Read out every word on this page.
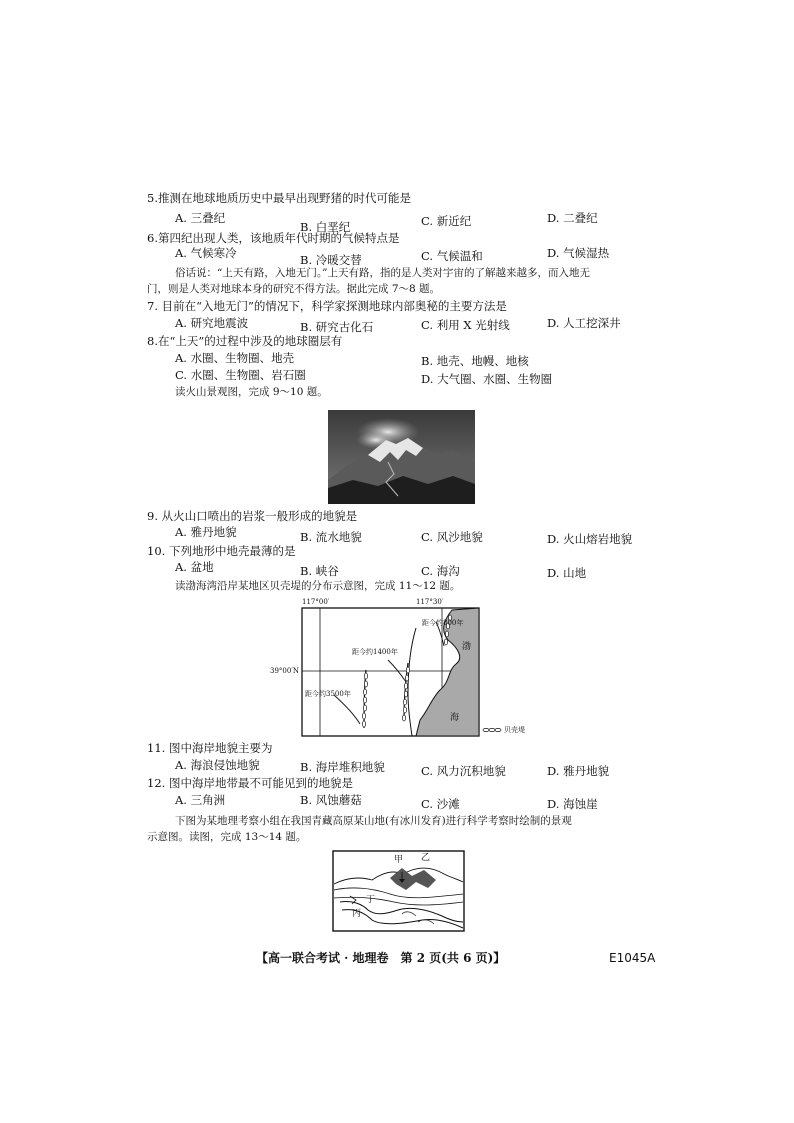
5.推测在地球地质历史中最早出现野猪的时代可能是
A. 三叠纪
B. 白垩纪	C. 新近纪	D. 二叠纪
6.第四纪出现人类，该地质年代时期的气候特点是
A. 气候寒冷	B. 冷暖交替	C. 气候温和	D. 气候湿热
俗话说：“上天有路，入地无门。”上天有路，指的是人类对宇宙的了解越来越多，而入地无
门，则是人类对地球本身的研究不得方法。据此完成 7～8 题。
7. 目前在“入地无门”的情况下，科学家探测地球内部奥秘的主要方法是
A. 研究地震波	B. 研究古化石	C. 利用 X 光射线	D. 人工挖深井
8.在“上天”的过程中涉及的地球圈层有
A. 水圈、生物圈、地壳	B. 地壳、地幔、地核
C. 水圈、生物圈、岩石圈	D. 大气圈、水圈、生物圈
读火山景观图，完成 9～10 题。
9. 从火山口喷出的岩浆一般形成的地貌是
A. 雅丹地貌	B. 流水地貌	C. 风沙地貌	D. 火山熔岩地貌
10. 下列地形中地壳最薄的是
A. 盆地	B. 峡谷	C. 海沟	D. 山地
读渤海湾沿岸某地区贝壳堤的分布示意图，完成 11～12 题。
117°00′	117°30′
39°00′N
距今约800年
距今约1400年
距今约3500年
渤
海
贝壳堤
11. 图中海岸地貌主要为
A. 海浪侵蚀地貌	B. 海岸堆积地貌	C. 风力沉积地貌	D. 雅丹地貌
12. 图中海岸地带最不可能见到的地貌是
A. 三角洲	B. 风蚀蘑菇	C. 沙滩	D. 海蚀崖
下图为某地理考察小组在我国青藏高原某山地(有冰川发育)进行科学考察时绘制的景观
示意图。读图，完成 13～14 题。
甲 乙
丁
丙
【高一联合考试 · 地理卷　第 2 页(共 6 页)】	E1045A
